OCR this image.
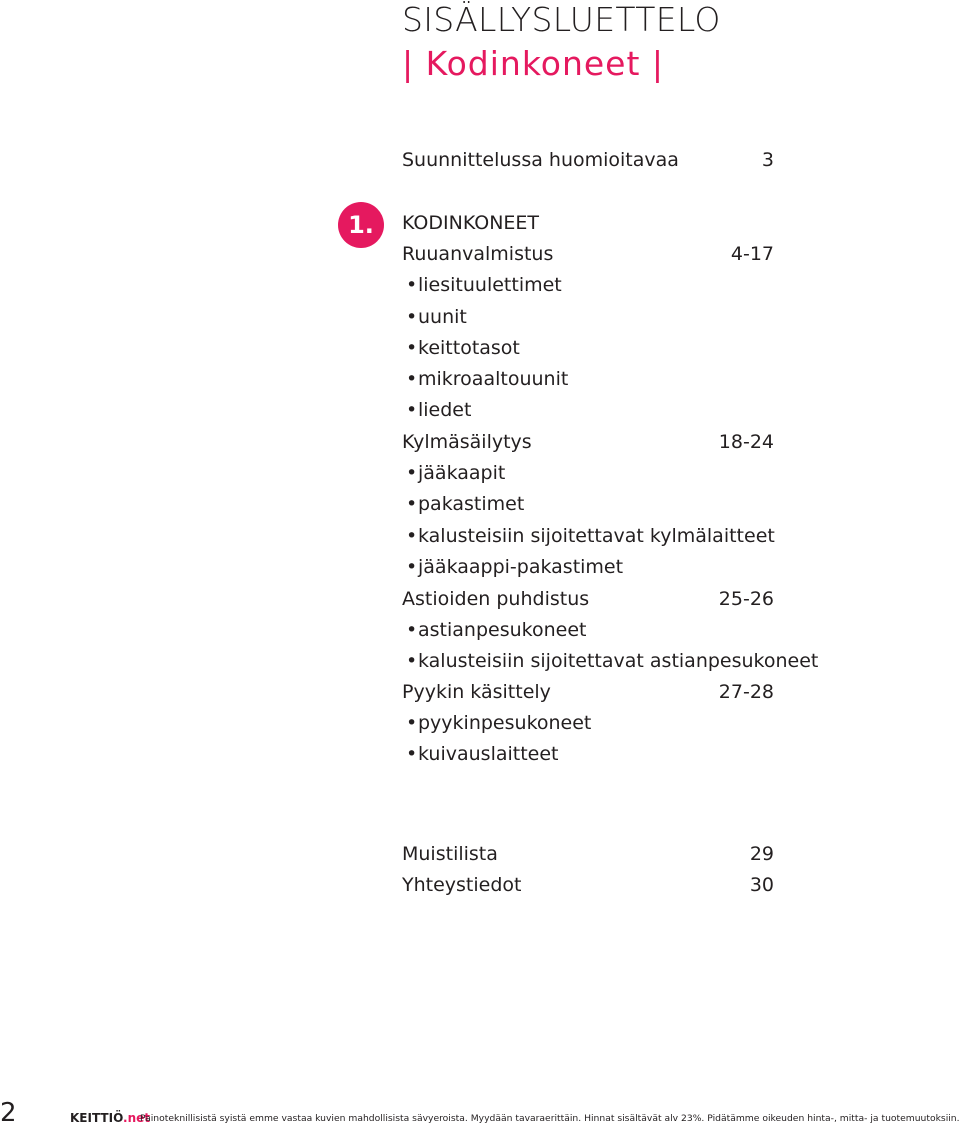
SISÄLLYSLUETTELO
| Kodinkoneet |
Suunnittelussa huomioitavaa	3
1.	KODINKONEET
Ruuanvalmistus	4-17
•liesituulettimet
•uunit
•keittotasot
•mikroaaltouunit
•liedet
Kylmäsäilytys	18-24
•jääkaapit
•pakastimet
•kalusteisiin sijoitettavat kylmälaitteet
•jääkaappi-pakastimet
Astioiden puhdistus	25-26
•astianpesukoneet
•kalusteisiin sijoitettavat astianpesukoneet
Pyykin käsittely	27-28
•pyykinpesukoneet
•kuivauslaitteet
Muistilista	29
Yhteystiedot	30
2	KEITTIÖ.net
Painoteknillisistä syistä emme vastaa kuvien mahdollisista sävyeroista. Myydään tavaraerittäin. Hinnat sisältävät alv 23%. Pidätämme oikeuden hinta-, mitta- ja tuotemuutoksiin.
